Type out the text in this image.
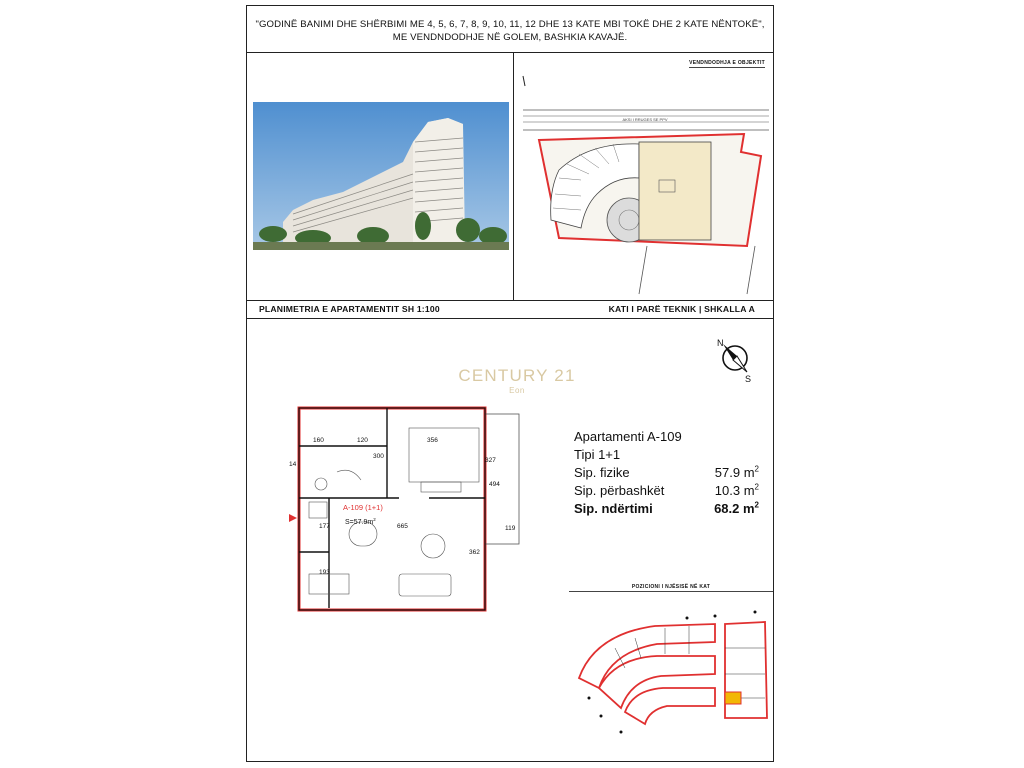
"GODINË BANIMI DHE SHËRBIMI ME 4, 5, 6, 7, 8, 9, 10, 11, 12 DHE 13 KATE MBI TOKË DHE 2 KATE NËNTOKË",
ME VENDNDODHJE NË GOLEM, BASHKIA KAVAJË.
VENDNDODHJA E OBJEKTIT
AKSI I RRUGES SE PPV
PLANIMETRIA E APARTAMENTIT SH 1:100	KATI I PARË TEKNIK | SHKALLA A
N
S
CENTURY 21
Eon
120	356
160
300
327
494
665
177	119
362
193
14
A-109 (1+1)
$S=57.9m^2$
Apartamenti A-109
Tipi 1+1
Sip. fizike	57.9 $m^2$
Sip. përbashkët	10.3 $m^2$
Sip. ndërtimi	68.2 $m^2$
POZICIONI I NJËSISË NË KAT
